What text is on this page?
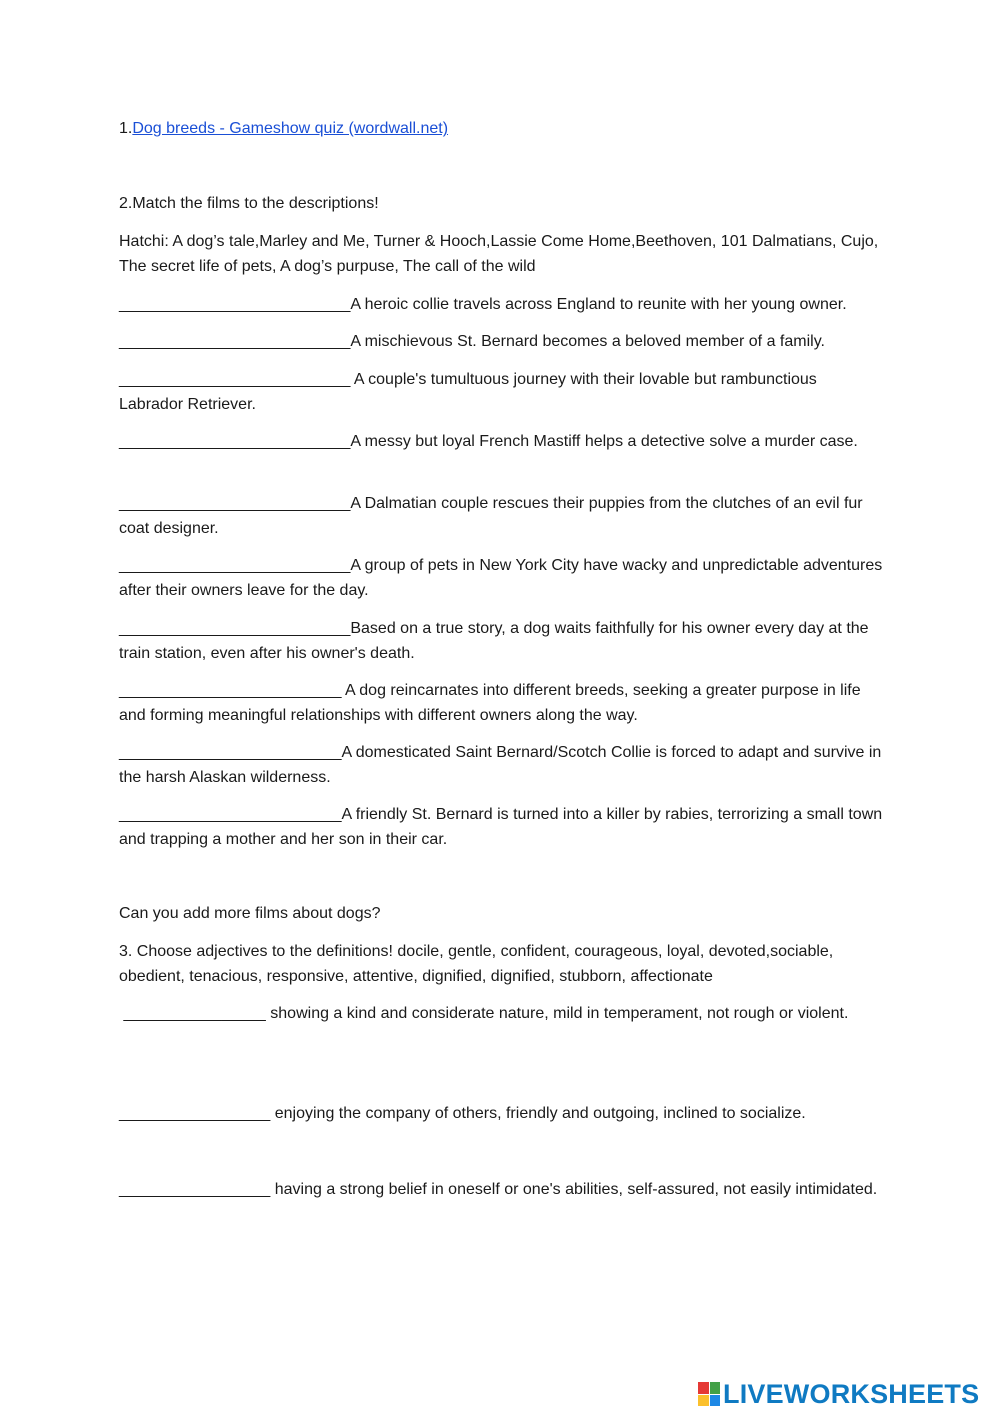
1.Dog breeds - Gameshow quiz (wordwall.net)

2.Match the films to the descriptions!

Hatchi: A dog’s tale,Marley and Me, Turner & Hooch,Lassie Come Home,Beethoven, 101 Dalmatians, Cujo, The secret life of pets, A dog’s purpuse, The call of the wild

__________________________A heroic collie travels across England to reunite with her young owner.

__________________________A mischievous St. Bernard becomes a beloved member of a family.

__________________________ A couple's tumultuous journey with their lovable but rambunctious Labrador Retriever.

__________________________A messy but loyal French Mastiff helps a detective solve a murder case.

__________________________A Dalmatian couple rescues their puppies from the clutches of an evil fur coat designer.

__________________________A group of pets in New York City have wacky and unpredictable adventures after their owners leave for the day.

__________________________Based on a true story, a dog waits faithfully for his owner every day at the train station, even after his owner's death.

_________________________ A dog reincarnates into different breeds, seeking a greater purpose in life and forming meaningful relationships with different owners along the way.

_________________________A domesticated Saint Bernard/Scotch Collie is forced to adapt and survive in the harsh Alaskan wilderness.

_________________________A friendly St. Bernard is turned into a killer by rabies, terrorizing a small town and trapping a mother and her son in their car.

Can you add more films about dogs?

3. Choose adjectives to the definitions! docile, gentle, confident, courageous, loyal, devoted,sociable, obedient, tenacious, responsive, attentive, dignified, dignified, stubborn, affectionate

________________ showing a kind and considerate nature, mild in temperament, not rough or violent.

_________________ enjoying the company of others, friendly and outgoing, inclined to socialize.

_________________ having a strong belief in oneself or one's abilities, self-assured, not easily intimidated.

LIVEWORKSHEETS
